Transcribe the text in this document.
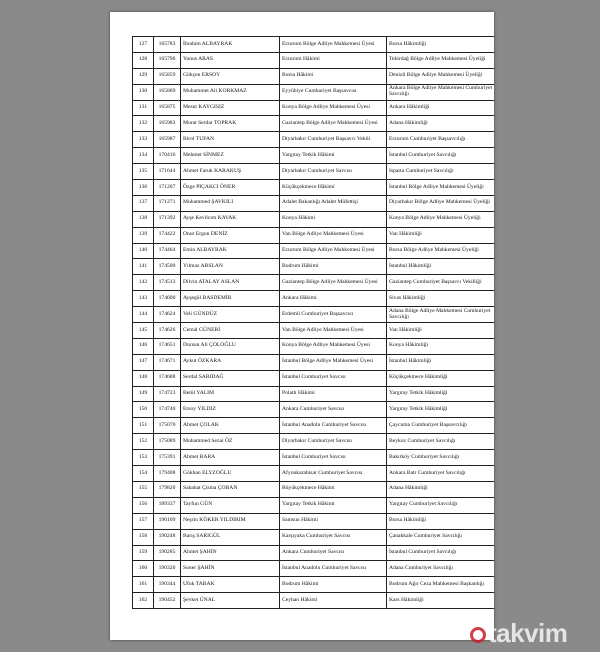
127	165783	İbrahim ALBAYRAK	Erzurum Bölge Adliye Mahkemesi Üyesi	Bursa Hâkimliği
128	165796	Yunus ARAS	Erzurum Hâkimi	Tekirdağ Bölge Adliye Mahkemesi Üyeliği
129	165859	Gökçen ERSOY	Bursa Hâkimi	Denizli Bölge Adliye Mahkemesi Üyeliği
130	165869	Muhammet Ali KORKMAZ	Eyyübiye Cumhuriyet Başsavcısı	Ankara Bölge Adliye Mahkemesi Cumhuriyet Savcılığı
131	165875	Mesut KAYGISIZ	Konya Bölge Adliye Mahkemesi Üyesi	Ankara Hâkimliği
132	165983	Murat Serdar TOPRAK	Gaziantep Bölge Adliye Mahkemesi Üyesi	Adana Hâkimliği
133	165987	Birol TUFAN	Diyarbakır Cumhuriyet Başsavcı Vekili	Erzurum Cumhuriyet Başsavcılığı
134	170416	Mehmet SİNMEZ	Yargıtay Tetkik Hâkimi	İstanbul Cumhuriyet Savcılığı
135	171644	Ahmet Faruk KARAKUŞ	Diyarbakır Cumhuriyet Savcısı	Isparta Cumhuriyet Savcılığı
136	171207	Özge PIÇAKCI ÖNER	Küçükçekmece Hâkimi	İstanbul Bölge Adliye Mahkemesi Üyeliği
137	171271	Muhammed ŞAVKILI	Adalet Bakanlığı Adalet Müfettişi	Diyarbakır Bölge Adliye Mahkemesi Üyeliği
138	171392	Ayşe Kevilcım KAVAK	Konya Hâkimi	Konya Bölge Adliye Mahkemesi Üyeliği
139	174422	Onur Ergun DENİZ	Van Bölge Adliye Mahkemesi Üyesi	Van Hâkimliği
140	174464	Emin ALBAYRAK	Erzurum Bölge Adliye Mahkemesi Üyesi	Bursa Bölge Adliye Mahkemesi Üyeliği
141	174500	Yılmaz ARSLAN	Bodrum Hâkimi	İstanbul Hâkimliği
142	174513	Dilvin ATALAY ASLAN	Gaziantep Bölge Adliye Mahkemesi Üyesi	Gaziantep Cumhuriyet Başsavcı Vekilliği
143	174600	Ayşegül BASDEMİR	Ankara Hâkimi	Sivas Hâkimliği
144	174624	Veli GÜNDÜZ	Erdemli Cumhuriyet Başsavcısı	Adana Bölge Adliye Mahkemesi Cumhuriyet Savcılığı
145	174626	Cemal GÜNERİ	Van Bölge Adliye Mahkemesi Üyesi	Van Hâkimliği
146	174651	Dursun Ali ÇOLOĞLU	Konya Bölge Adliye Mahkemesi Üyesi	Konya Hâkimliği
147	174671	Aykut ÖZKARA	İstanbul Bölge Adliye Mahkemesi Üyesi	İstanbul Hâkimliği
148	174688	Serdal SARIDAĞ	İstanbul Cumhuriyet Savcısı	Küçükçekmece Hâkimliği
149	174723	Betül YALIM	Polatlı Hâkimi	Yargıtay Tetkik Hâkimliği
150	174740	Ersoy YILDIZ	Ankara Cumhuriyet Savcısı	Yargıtay Tetkik Hâkimliği
151	175070	Ahmet ÇOLAK	İstanbul Anadolu Cumhuriyet Savcısı	Çaycuma Cumhuriyet Başsavcılığı
152	175089	Muhammed Sezai ÖZ	Diyarbakır Cumhuriyet Savcısı	Beykoz Cumhuriyet Savcılığı
153	175391	Ahmet BABA	İstanbul Cumhuriyet Savcısı	Bakırköy Cumhuriyet Savcılığı
154	179408	Gökhan ELYZOĞLU	Afyonkarahisar Cumhuriyet Savcısı	Ankara Batı Cumhuriyet Savcılığı
155	179820	Sabahat Çisma ÇOBAN	Büyükçekmece Hâkimi	Adana Hâkimliği
156	189337	Tayfun GÜN	Yargıtay Tetkik Hâkimi	Yargıtay Cumhuriyet Savcılığı
157	190109	Neşrin KÖKER YILDIRIM	Samsun Hâkimi	Bursa Hâkimliği
158	190248	Barış SARIGÜL	Karşıyaka Cumhuriyet Savcısı	Çanakkale Cumhuriyet Savcılığı
159	190285	Ahmet ŞAHİN	Ankara Cumhuriyet Savcısı	İstanbul Cumhuriyet Savcılığı
160	190320	Soner ŞAHİN	İstanbul Anadolu Cumhuriyet Savcısı	Adana Cumhuriyet Savcılığı
161	190344	Ufuk TABAK	Bodrum Hâkimi	Bodrum Ağır Ceza Mahkemesi Başkanlığı
162	190452	Şevket ÜNAL	Ceyhan Hâkimi	Kars Hâkimliği
takvim
